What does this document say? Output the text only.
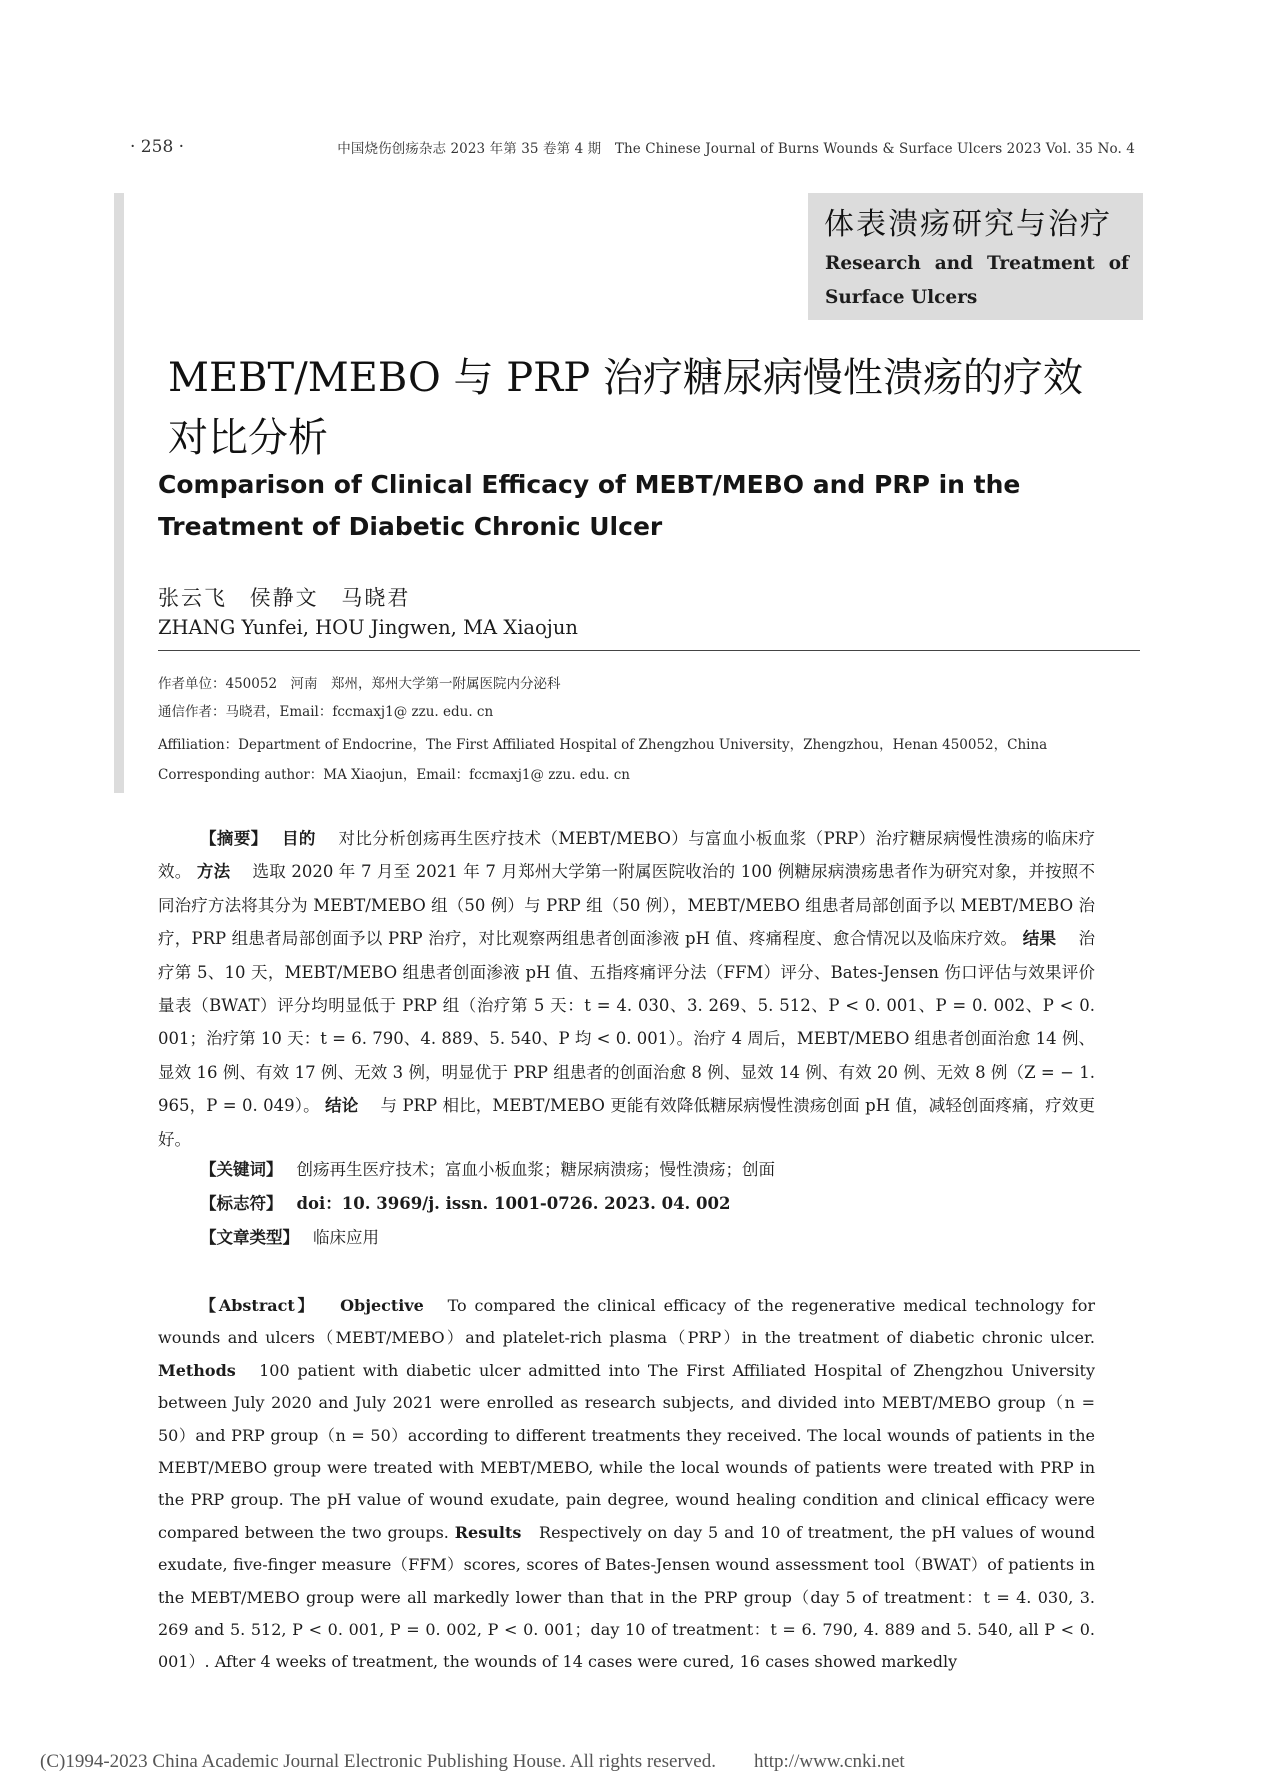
· 258 ·	中国烧伤创疡杂志 2023 年第 35 卷第 4 期　The Chinese Journal of Burns Wounds & Surface Ulcers 2023 Vol. 35 No. 4
体表溃疡研究与治疗
Research and Treatment of
Surface Ulcers
MEBT/MEBO 与 PRP 治疗糖尿病慢性溃疡的疗效对比分析
Comparison of Clinical Efficacy of MEBT/MEBO and PRP in the Treatment of Diabetic Chronic Ulcer
张云飞 侯静文 马晓君
ZHANG Yunfei, HOU Jingwen, MA Xiaojun
作者单位：450052　河南　郑州，郑州大学第一附属医院内分泌科
通信作者：马晓君，Email：fccmaxj1@ zzu. edu. cn
Affiliation：Department of Endocrine，The First Affiliated Hospital of Zhengzhou University，Zhengzhou，Henan 450052，China
Corresponding author：MA Xiaojun，Email：fccmaxj1@ zzu. edu. cn
【摘要】　 目的　 对比分析创疡再生医疗技术（MEBT/MEBO）与富血小板血浆（PRP）治疗糖尿病慢性溃疡的临床疗效。 方法　 选取 2020 年 7 月至 2021 年 7 月郑州大学第一附属医院收治的 100 例糖尿病溃疡患者作为研究对象，并按照不同治疗方法将其分为 MEBT/MEBO 组（50 例）与 PRP 组（50 例），MEBT/MEBO 组患者局部创面予以 MEBT/MEBO 治疗，PRP 组患者局部创面予以 PRP 治疗，对比观察两组患者创面渗液 pH 值、疼痛程度、愈合情况以及临床疗效。 结果　 治疗第 5、10 天，MEBT/MEBO 组患者创面渗液 pH 值、五指疼痛评分法（FFM）评分、Bates-Jensen 伤口评估与效果评价量表（BWAT）评分均明显低于 PRP 组（治疗第 5 天：t = 4. 030、3. 269、5. 512、P < 0. 001、P = 0. 002、P < 0. 001；治疗第 10 天：t = 6. 790、4. 889、5. 540、P 均 < 0. 001）。治疗 4 周后，MEBT/MEBO 组患者创面治愈 14 例、显效 16 例、有效 17 例、无效 3 例，明显优于 PRP 组患者的创面治愈 8 例、显效 14 例、有效 20 例、无效 8 例（Z = − 1. 965，P = 0. 049）。 结论　 与 PRP 相比，MEBT/MEBO 更能有效降低糖尿病慢性溃疡创面 pH 值，减轻创面疼痛，疗效更好。
【关键词】 创疡再生医疗技术；富血小板血浆；糖尿病溃疡；慢性溃疡；创面
【标志符】 doi：10. 3969/j. issn. 1001-0726. 2023. 04. 002
【文章类型】 临床应用
【Abstract】 Objective To compared the clinical efficacy of the regenerative medical technology for wounds and ulcers（MEBT/MEBO）and platelet-rich plasma（PRP）in the treatment of diabetic chronic ulcer. Methods 100 patient with diabetic ulcer admitted into The First Affiliated Hospital of Zhengzhou University between July 2020 and July 2021 were enrolled as research subjects, and divided into MEBT/MEBO group（n = 50）and PRP group（n = 50）according to different treatments they received. The local wounds of patients in the MEBT/MEBO group were treated with MEBT/MEBO, while the local wounds of patients were treated with PRP in the PRP group. The pH value of wound exudate, pain degree, wound healing condition and clinical efficacy were compared between the two groups. Results Respectively on day 5 and 10 of treatment, the pH values of wound exudate, five-finger measure（FFM）scores, scores of Bates-Jensen wound assessment tool（BWAT）of patients in the MEBT/MEBO group were all markedly lower than that in the PRP group（day 5 of treatment：t = 4. 030, 3. 269 and 5. 512, P < 0. 001, P = 0. 002, P < 0. 001；day 10 of treatment：t = 6. 790, 4. 889 and 5. 540, all P < 0. 001）. After 4 weeks of treatment, the wounds of 14 cases were cured, 16 cases showed markedly
(C)1994-2023 China Academic Journal Electronic Publishing House. All rights reserved.　　http://www.cnki.net
